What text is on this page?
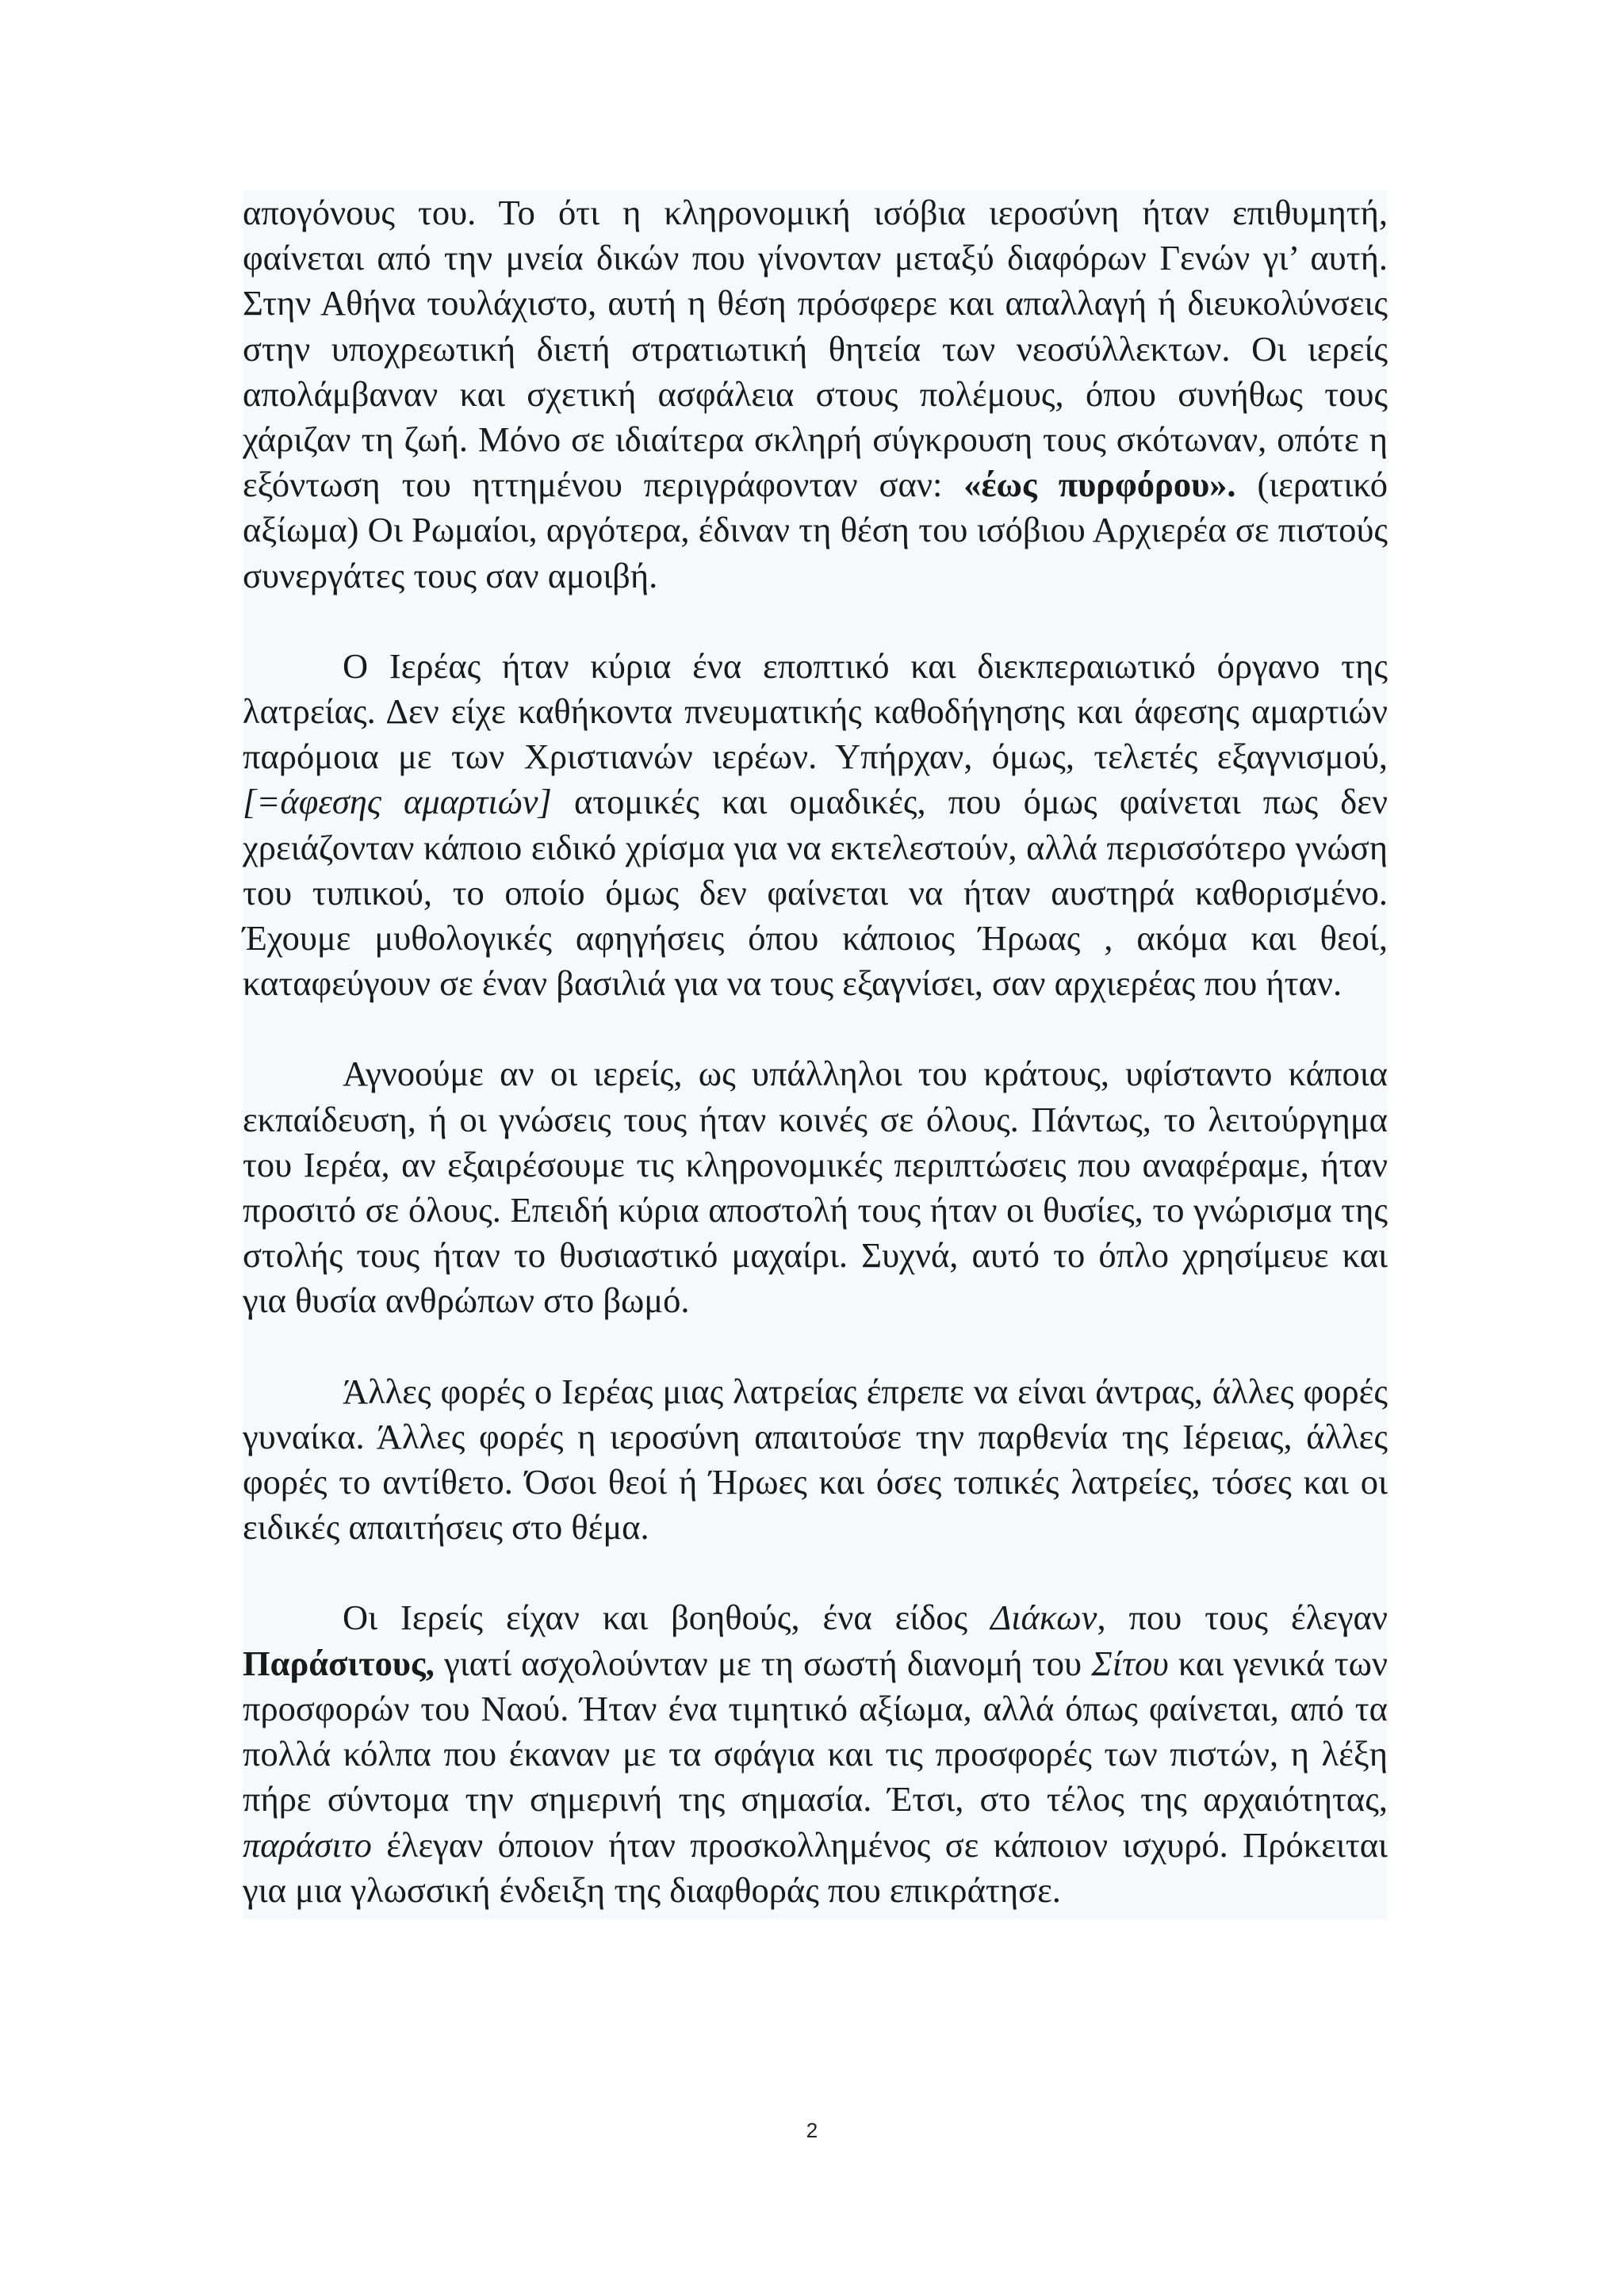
απογόνους του. Το ότι η κληρονομική ισόβια ιεροσύνη ήταν επιθυμητή, φαίνεται από την μνεία δικών που γίνονταν μεταξύ διαφόρων Γενών γι’ αυτή. Στην Αθήνα τουλάχιστο, αυτή η θέση πρόσφερε και απαλλαγή ή διευκολύνσεις στην υποχρεωτική διετή στρατιωτική θητεία των νεοσύλλεκτων. Οι ιερείς απολάμβαναν και σχετική ασφάλεια στους πολέμους, όπου συνήθως τους χάριζαν τη ζωή. Μόνο σε ιδιαίτερα σκληρή σύγκρουση τους σκότωναν, οπότε η εξόντωση του ηττημένου περιγράφονταν σαν: «έως πυρφόρου». (ιερατικό αξίωμα) Οι Ρωμαίοι, αργότερα, έδιναν τη θέση του ισόβιου Αρχιερέα σε πιστούς συνεργάτες τους σαν αμοιβή.

Ο Ιερέας ήταν κύρια ένα εποπτικό και διεκπεραιωτικό όργανο της λατρείας. Δεν είχε καθήκοντα πνευματικής καθοδήγησης και άφεσης αμαρτιών παρόμοια με των Χριστιανών ιερέων. Υπήρχαν, όμως, τελετές εξαγνισμού, [=άφεσης αμαρτιών] ατομικές και ομαδικές, που όμως φαίνεται πως δεν χρειάζονταν κάποιο ειδικό χρίσμα για να εκτελεστούν, αλλά περισσότερο γνώση του τυπικού, το οποίο όμως δεν φαίνεται να ήταν αυστηρά καθορισμένο. Έχουμε μυθολογικές αφηγήσεις όπου κάποιος Ήρωας , ακόμα και θεοί, καταφεύγουν σε έναν βασιλιά για να τους εξαγνίσει, σαν αρχιερέας που ήταν.

Αγνοούμε αν οι ιερείς, ως υπάλληλοι του κράτους, υφίσταντο κάποια εκπαίδευση, ή οι γνώσεις τους ήταν κοινές σε όλους. Πάντως, το λειτούργημα του Ιερέα, αν εξαιρέσουμε τις κληρονομικές περιπτώσεις που αναφέραμε, ήταν προσιτό σε όλους. Επειδή κύρια αποστολή τους ήταν οι θυσίες, το γνώρισμα της στολής τους ήταν το θυσιαστικό μαχαίρι. Συχνά, αυτό το όπλο χρησίμευε και για θυσία ανθρώπων στο βωμό.

Άλλες φορές ο Ιερέας μιας λατρείας έπρεπε να είναι άντρας, άλλες φορές γυναίκα. Άλλες φορές η ιεροσύνη απαιτούσε την παρθενία της Ιέρειας, άλλες φορές το αντίθετο. Όσοι θεοί ή Ήρωες και όσες τοπικές λατρείες, τόσες και οι ειδικές απαιτήσεις στο θέμα.

Οι Ιερείς είχαν και βοηθούς, ένα είδος Διάκων, που τους έλεγαν Παράσιτους, γιατί ασχολούνταν με τη σωστή διανομή του Σίτου και γενικά των προσφορών του Ναού. Ήταν ένα τιμητικό αξίωμα, αλλά όπως φαίνεται, από τα πολλά κόλπα που έκαναν με τα σφάγια και τις προσφορές των πιστών, η λέξη πήρε σύντομα την σημερινή της σημασία. Έτσι, στο τέλος της αρχαιότητας, παράσιτο έλεγαν όποιον ήταν προσκολλημένος σε κάποιον ισχυρό. Πρόκειται για μια γλωσσική ένδειξη της διαφθοράς που επικράτησε.

2
